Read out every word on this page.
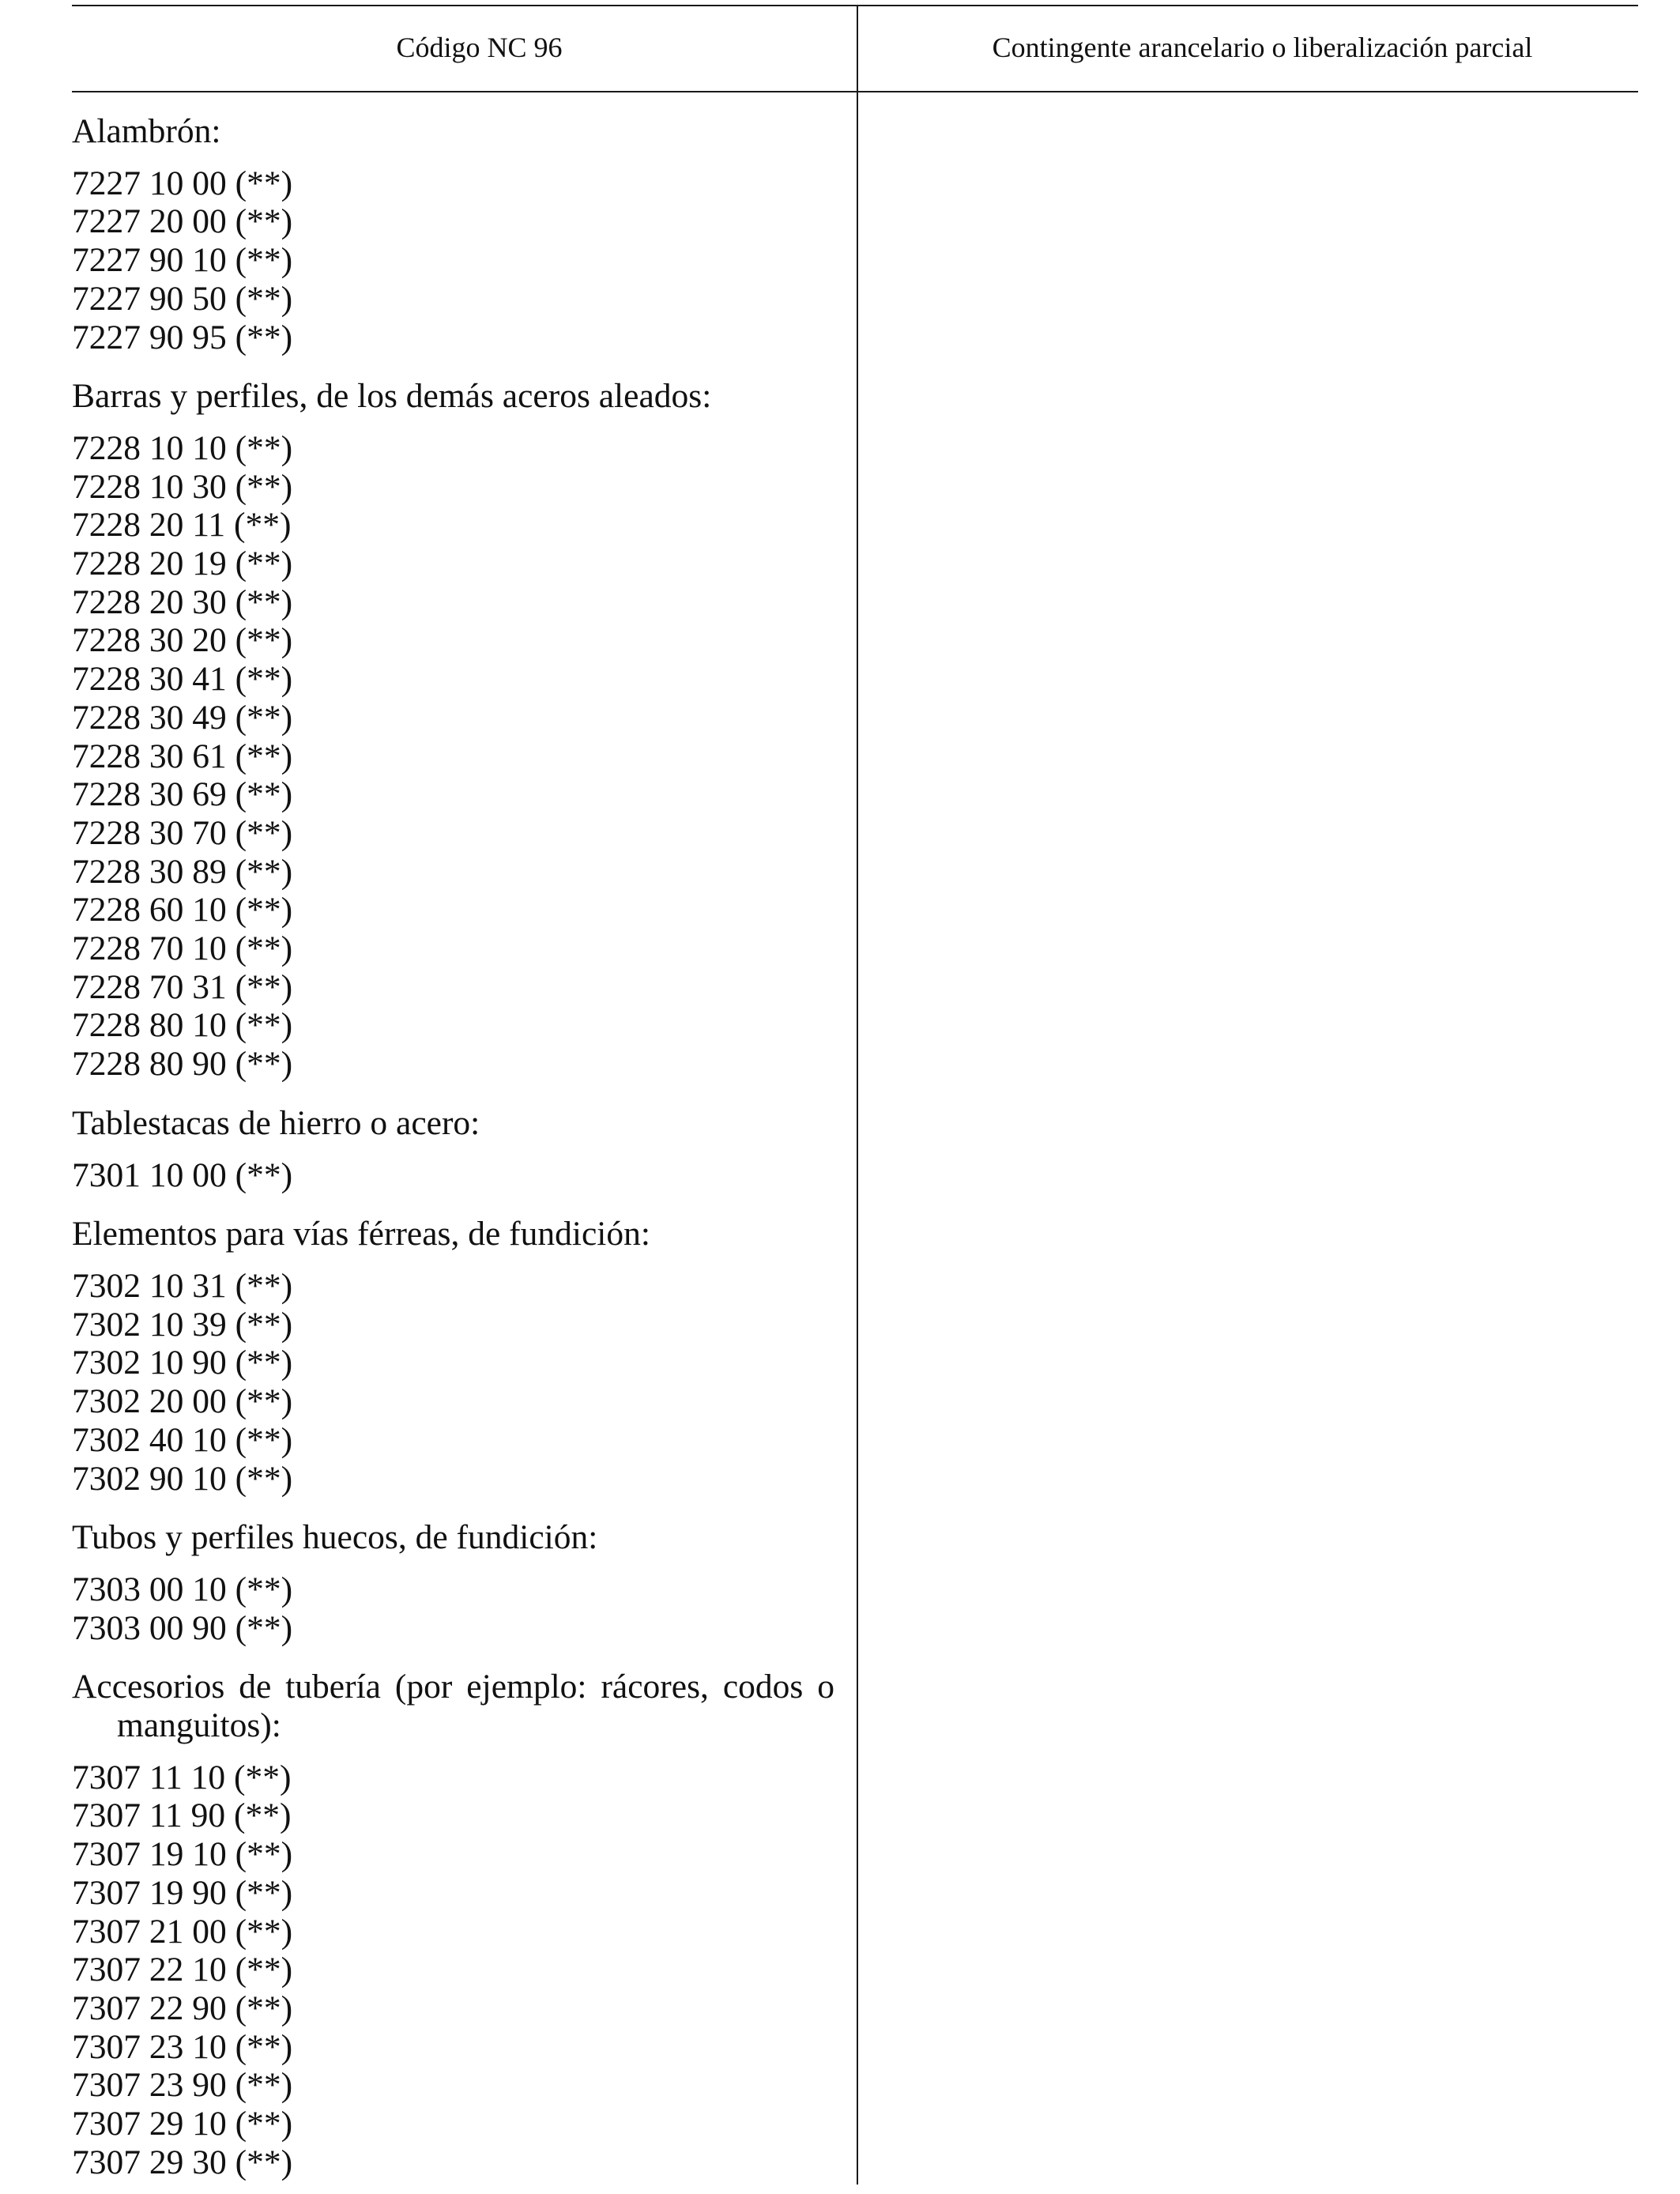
Código NC 96	Contingente arancelario o liberalización parcial
Alambrón:
7227 10 00 (**)
7227 20 00 (**)
7227 90 10 (**)
7227 90 50 (**)
7227 90 95 (**)
Barras y perfiles, de los demás aceros aleados:
7228 10 10 (**)
7228 10 30 (**)
7228 20 11 (**)
7228 20 19 (**)
7228 20 30 (**)
7228 30 20 (**)
7228 30 41 (**)
7228 30 49 (**)
7228 30 61 (**)
7228 30 69 (**)
7228 30 70 (**)
7228 30 89 (**)
7228 60 10 (**)
7228 70 10 (**)
7228 70 31 (**)
7228 80 10 (**)
7228 80 90 (**)
Tablestacas de hierro o acero:
7301 10 00 (**)
Elementos para vías férreas, de fundición:
7302 10 31 (**)
7302 10 39 (**)
7302 10 90 (**)
7302 20 00 (**)
7302 40 10 (**)
7302 90 10 (**)
Tubos y perfiles huecos, de fundición:
7303 00 10 (**)
7303 00 90 (**)
Accesorios de tubería (por ejemplo: rácores, codos o manguitos):
7307 11 10 (**)
7307 11 90 (**)
7307 19 10 (**)
7307 19 90 (**)
7307 21 00 (**)
7307 22 10 (**)
7307 22 90 (**)
7307 23 10 (**)
7307 23 90 (**)
7307 29 10 (**)
7307 29 30 (**)
